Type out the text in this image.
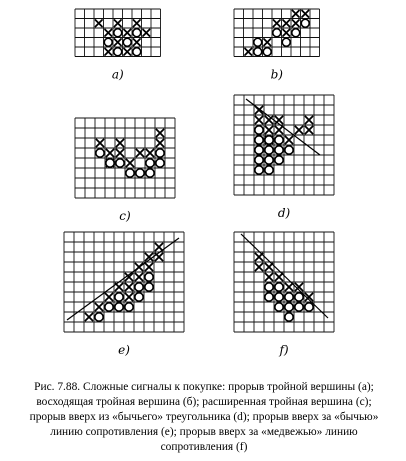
a)	b)
c)	d)
e)	f)

Рис. 7.88. Сложные сигналы к покупке: прорыв тройной вершины (а);
восходящая тройная вершина (б); расширенная тройная вершина (с);
прорыв вверх из «бычьего» треугольника (d); прорыв вверх за «бычью»
линию сопротивления (е); прорыв вверх за «медвежью» линию
сопротивления (f)
